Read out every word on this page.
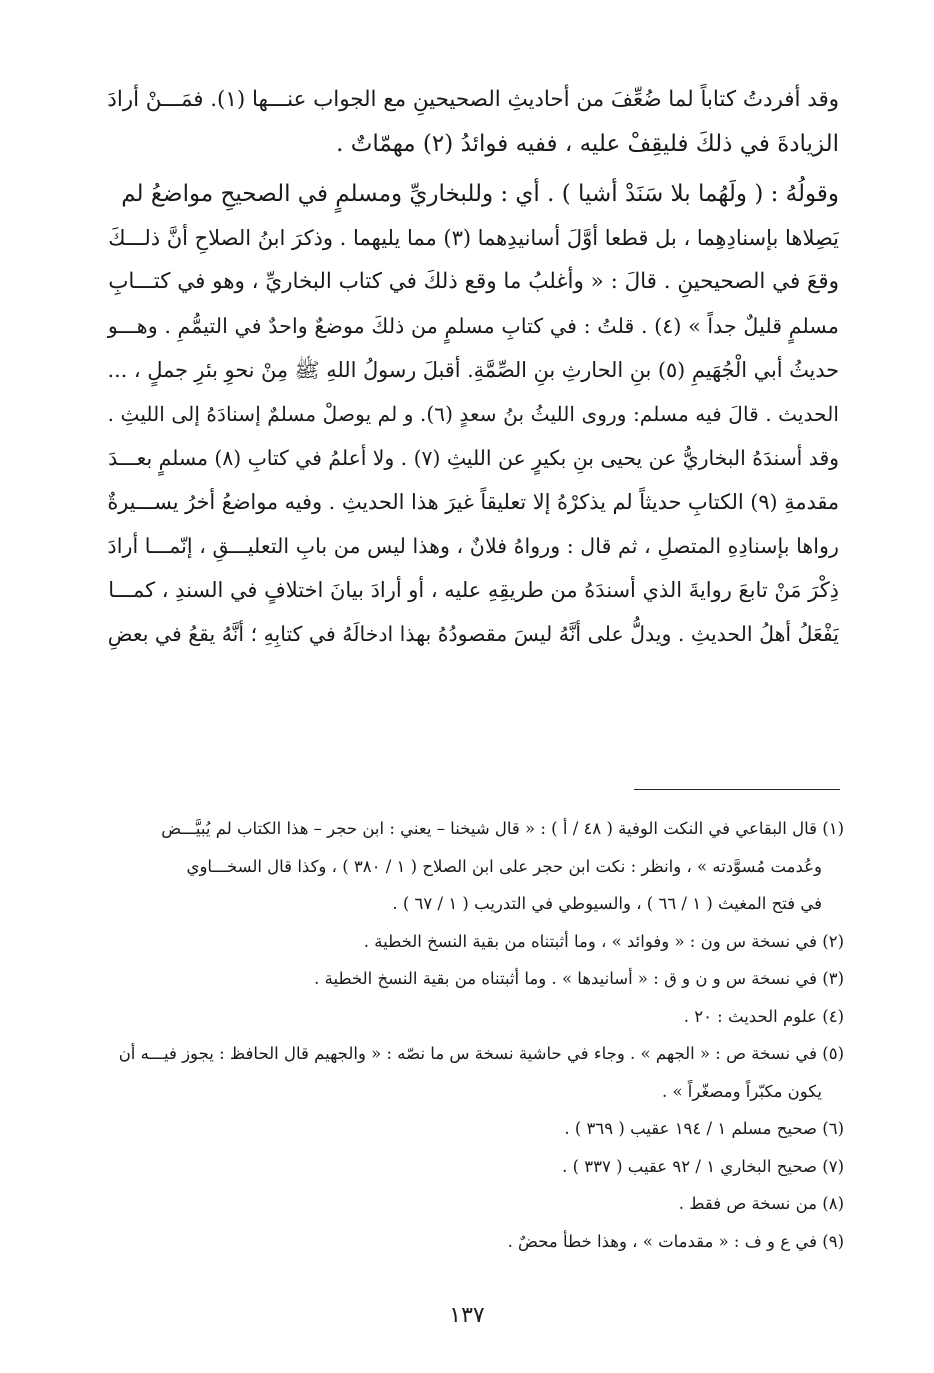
وقد أفردتُ كتاباً لما ضُعِّفَ من أحاديثِ الصحيحينِ مع الجواب عنـــها (١). فمَـــنْ أرادَ
الزيادةَ في ذلكَ فليقِفْ عليه ، ففيه فوائدُ (٢) مهمّاتٌ .
وقولُهُ : ( ولَهُما بلا سَنَدْ أشيا ) . أي : وللبخاريِّ ومسلمٍ في الصحيحِ مواضعُ لم
يَصِلاها بإسنادِهِما ، بل قطعا أوَّلَ أسانيدِهما (٣) مما يليهما . وذكرَ ابنُ الصلاحِ أنَّ ذلـــكَ
وقعَ في الصحيحينِ . قالَ : « وأغلبُ ما وقع ذلكَ في كتاب البخاريِّ ، وهو في كتـــابِ
مسلمٍ قليلٌ جداً » (٤) . قلتُ : في كتابِ مسلمٍ من ذلكَ موضعٌ واحدٌ في التيمُّمِ . وهـــو
حديثُ أبي الْجُهَيمِ (٥) بنِ الحارثِ بنِ الصِّمَّةِ. أقبلَ رسولُ اللهِ ﷺ مِنْ نحوِ بئرِ جملٍ ، ...
الحديث . قالَ فيه مسلم: وروى الليثُ بنُ سعدٍ (٦). و لم يوصلْ مسلمٌ إسنادَهُ إلى الليثِ .
وقد أسندَهُ البخاريُّ عن يحيى بنِ بكيرٍ عن الليثِ (٧) . ولا أعلمُ في كتابِ (٨) مسلمٍ بعـــدَ
مقدمةِ (٩) الكتابِ حديثاً لم يذكرْهُ إلا تعليقاً غيرَ هذا الحديثِ . وفيه مواضعُ أخرُ يســـيرةٌ
رواها بإسنادِهِ المتصلِ ، ثم قال : ورواهُ فلانٌ ، وهذا ليس من بابِ التعليـــقِ ، إنّمـــا أرادَ
ذِكْرَ مَنْ تابعَ روايةَ الذي أسندَهُ من طريقِهِ عليه ، أو أرادَ بيانَ اختلافٍ في السندِ ، كمـــا
يَفْعَلُ أهلُ الحديثِ . ويدلُّ على أنَّهُ ليسَ مقصودُهُ بهذا ادخالَهُ في كتابِهِ ؛ أنَّهُ يقعُ في بعضِ
(١) قال البقاعي في النكت الوفية ( ٤٨ / أ ) : « قال شيخنا – يعني : ابن حجر – هذا الكتاب لم يُبيَّـــض
وعُدمت مُسوَّدته » ، وانظر : نكت ابن حجر على ابن الصلاح ( ١ / ٣٨٠ ) ، وكذا قال السخـــاوي
في فتح المغيث ( ١ / ٦٦ ) ، والسيوطي في التدريب ( ١ / ٦٧ ) .
(٢) في نسخة س ون : « وفوائد » ، وما أثبتناه من بقية النسخ الخطية .
(٣) في نسخة س و ن و ق : « أسانيدها » . وما أثبتناه من بقية النسخ الخطية .
(٤) علوم الحديث : ٢٠ .
(٥) في نسخة ص : « الجهم » . وجاء في حاشية نسخة س ما نصّه : « والجهيم قال الحافظ : يجوز فيـــه أن
يكون مكبّراً ومصغّراً » .
(٦) صحيح مسلم ١ / ١٩٤ عقيب ( ٣٦٩ ) .
(٧) صحيح البخاري ١ / ٩٢ عقيب ( ٣٣٧ ) .
(٨) من نسخة ص فقط .
(٩) في ع و ف : « مقدمات » ، وهذا خطأ محضٌ .
١٣٧
